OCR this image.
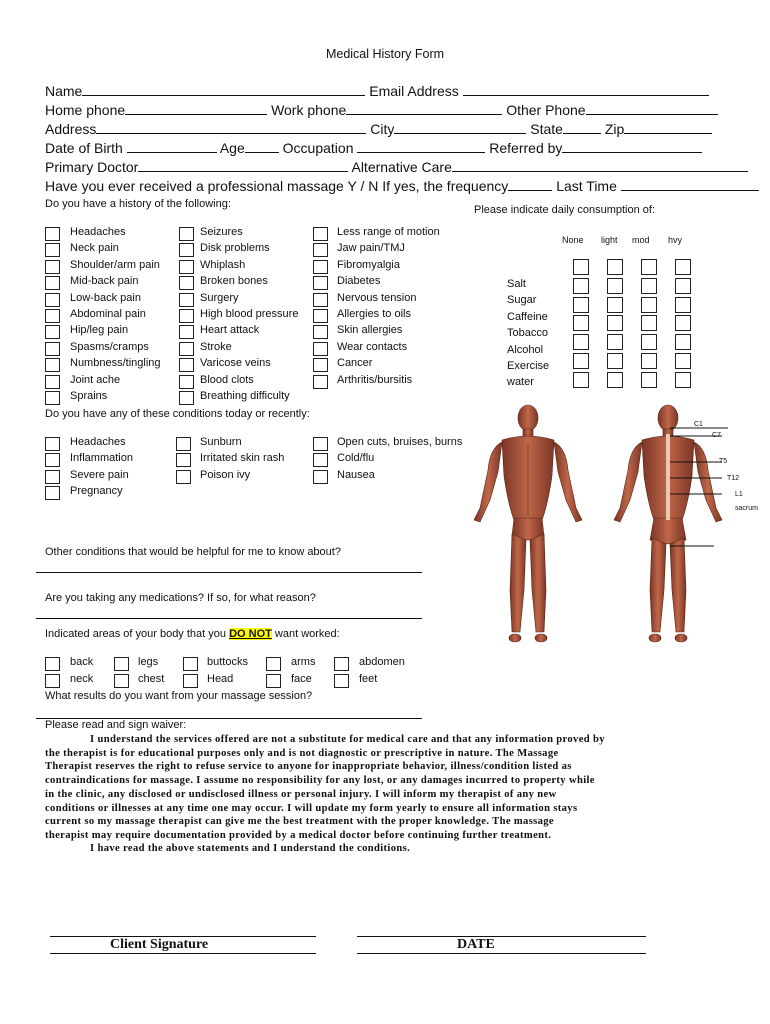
Medical History Form
Name	Email Address
Home phone	Work phone	Other Phone
Address	City	State	Zip
Date of Birth	Age	Occupation	Referred by
Primary Doctor	Alternative Care
Have you ever received a professional massage Y / N If yes, the frequency	Last Time
Do you have a history of the following:	Please indicate daily consumption of:
Headaches
Neck pain
Shoulder/arm pain
Mid-back pain
Low-back pain
Abdominal pain
Hip/leg pain
Spasms/cramps
Numbness/tingling
Joint ache
Sprains
Seizures
Disk problems
Whiplash
Broken bones
Surgery
High blood pressure
Heart attack
Stroke
Varicose veins
Blood clots
Breathing difficulty
Less range of motion
Jaw pain/TMJ
Fibromyalgia
Diabetes
Nervous tension
Allergies to oils
Skin allergies
Wear contacts
Cancer
Arthritis/bursitis
None light mod hvy
Salt
Sugar
Caffeine
Tobacco
Alcohol
Exercise
water
Do you have any of these conditions today or recently:
Headaches
Inflammation
Severe pain
Pregnancy
Sunburn
Irritated skin rash
Poison ivy
Open cuts, bruises, burns
Cold/flu
Nausea
C1
C7
T5
T12
L1
sacrum
Other conditions that would be helpful for me to know about?
Are you taking any medications? If so, for what reason?
Indicated areas of your body that you DO NOT want worked:
back	legs	buttocks	arms	abdomen
neck	chest	Head	face	feet
What results do you want from your massage session?
Please read and sign waiver:
I understand the services offered are not a substitute for medical care and that any information proved by
the therapist is for educational purposes only and is not diagnostic or prescriptive in nature. The Massage
Therapist reserves the right to refuse service to anyone for inappropriate behavior, illness/condition listed as
contraindications for massage. I assume no responsibility for any lost, or any damages incurred to property while
in the clinic, any disclosed or undisclosed illness or personal injury. I will inform my therapist of any new
conditions or illnesses at any time one may occur. I will update my form yearly to ensure all information stays
current so my massage therapist can give me the best treatment with the proper knowledge. The massage
therapist may require documentation provided by a medical doctor before continuing further treatment.
I have read the above statements and I understand the conditions.
Client Signature	DATE
